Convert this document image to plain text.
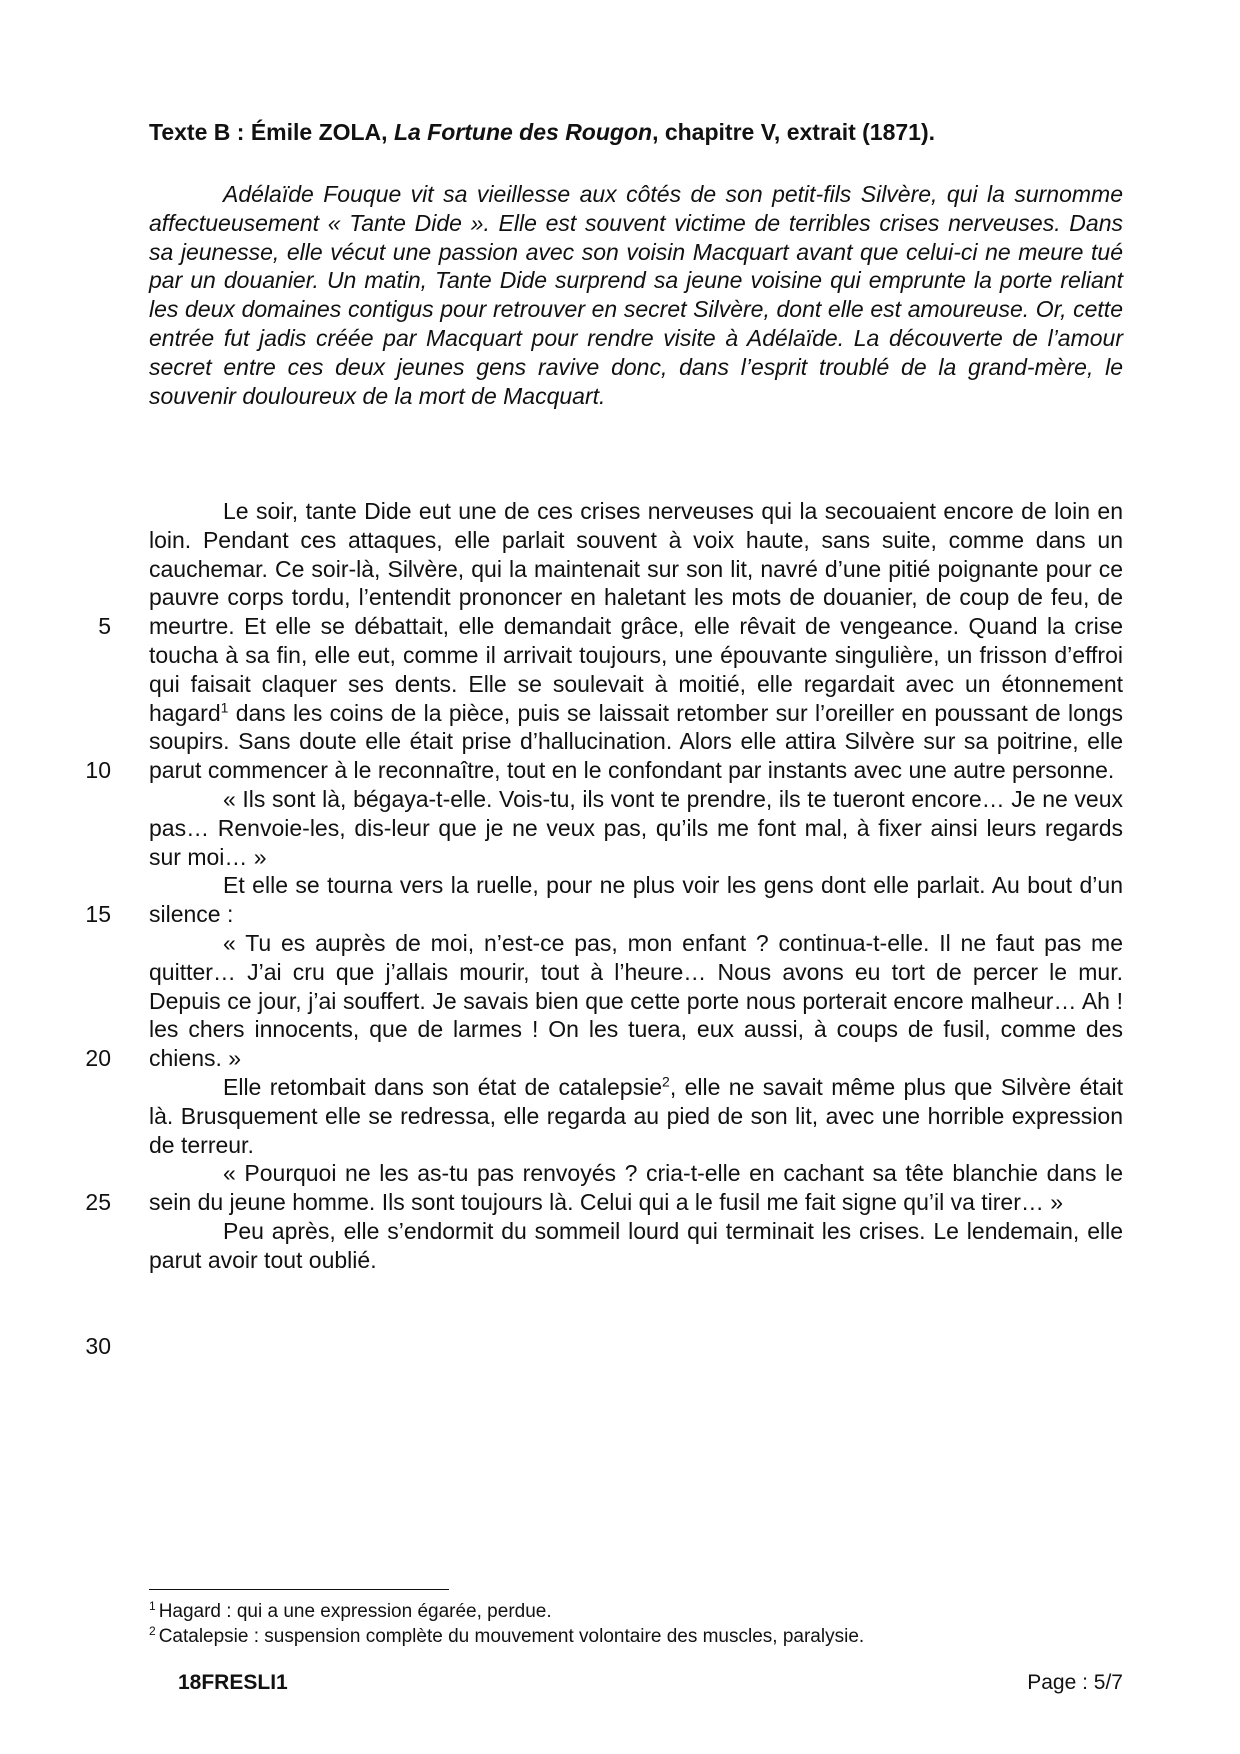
Texte B : Émile ZOLA, La Fortune des Rougon, chapitre V, extrait (1871).

Adélaïde Fouque vit sa vieillesse aux côtés de son petit-fils Silvère, qui la surnomme affectueusement « Tante Dide ». Elle est souvent victime de terribles crises nerveuses. Dans sa jeunesse, elle vécut une passion avec son voisin Macquart avant que celui-ci ne meure tué par un douanier. Un matin, Tante Dide surprend sa jeune voisine qui emprunte la porte reliant les deux domaines contigus pour retrouver en secret Silvère, dont elle est amoureuse. Or, cette entrée fut jadis créée par Macquart pour rendre visite à Adélaïde. La découverte de l’amour secret entre ces deux jeunes gens ravive donc, dans l’esprit troublé de la grand-mère, le souvenir douloureux de la mort de Macquart.

Le soir, tante Dide eut une de ces crises nerveuses qui la secouaient encore de loin en loin. Pendant ces attaques, elle parlait souvent à voix haute, sans suite, comme dans un cauchemar. Ce soir-là, Silvère, qui la maintenait sur son lit, navré d’une pitié poignante pour ce pauvre corps tordu, l’entendit prononcer en haletant les mots de douanier, de coup de feu, de meurtre. Et elle se débattait, elle demandait grâce, elle rêvait de vengeance. Quand la crise toucha à sa fin, elle eut, comme il arrivait toujours, une épouvante singulière, un frisson d’effroi qui faisait claquer ses dents. Elle se soulevait à moitié, elle regardait avec un étonnement hagard$^1$ dans les coins de la pièce, puis se laissait retomber sur l’oreiller en poussant de longs soupirs. Sans doute elle était prise d’hallucination. Alors elle attira Silvère sur sa poitrine, elle parut commencer à le reconnaître, tout en le confondant par instants avec une autre personne.

« Ils sont là, bégaya-t-elle. Vois-tu, ils vont te prendre, ils te tueront encore… Je ne veux pas… Renvoie-les, dis-leur que je ne veux pas, qu’ils me font mal, à fixer ainsi leurs regards sur moi… »

Et elle se tourna vers la ruelle, pour ne plus voir les gens dont elle parlait. Au bout d’un silence :

« Tu es auprès de moi, n’est-ce pas, mon enfant ? continua-t-elle. Il ne faut pas me quitter… J’ai cru que j’allais mourir, tout à l’heure… Nous avons eu tort de percer le mur. Depuis ce jour, j’ai souffert. Je savais bien que cette porte nous porterait encore malheur… Ah ! les chers innocents, que de larmes ! On les tuera, eux aussi, à coups de fusil, comme des chiens. »

Elle retombait dans son état de catalepsie$^2$, elle ne savait même plus que Silvère était là. Brusquement elle se redressa, elle regarda au pied de son lit, avec une horrible expression de terreur.

« Pourquoi ne les as-tu pas renvoyés ? cria-t-elle en cachant sa tête blanchie dans le sein du jeune homme. Ils sont toujours là. Celui qui a le fusil me fait signe qu’il va tirer… »

Peu après, elle s’endormit du sommeil lourd qui terminait les crises. Le lendemain, elle parut avoir tout oublié.

5
10
15
20
25
30
$^1$ Hagard : qui a une expression égarée, perdue.
$^2$ Catalepsie : suspension complète du mouvement volontaire des muscles, paralysie.
18FRESLI1	Page : 5/7
